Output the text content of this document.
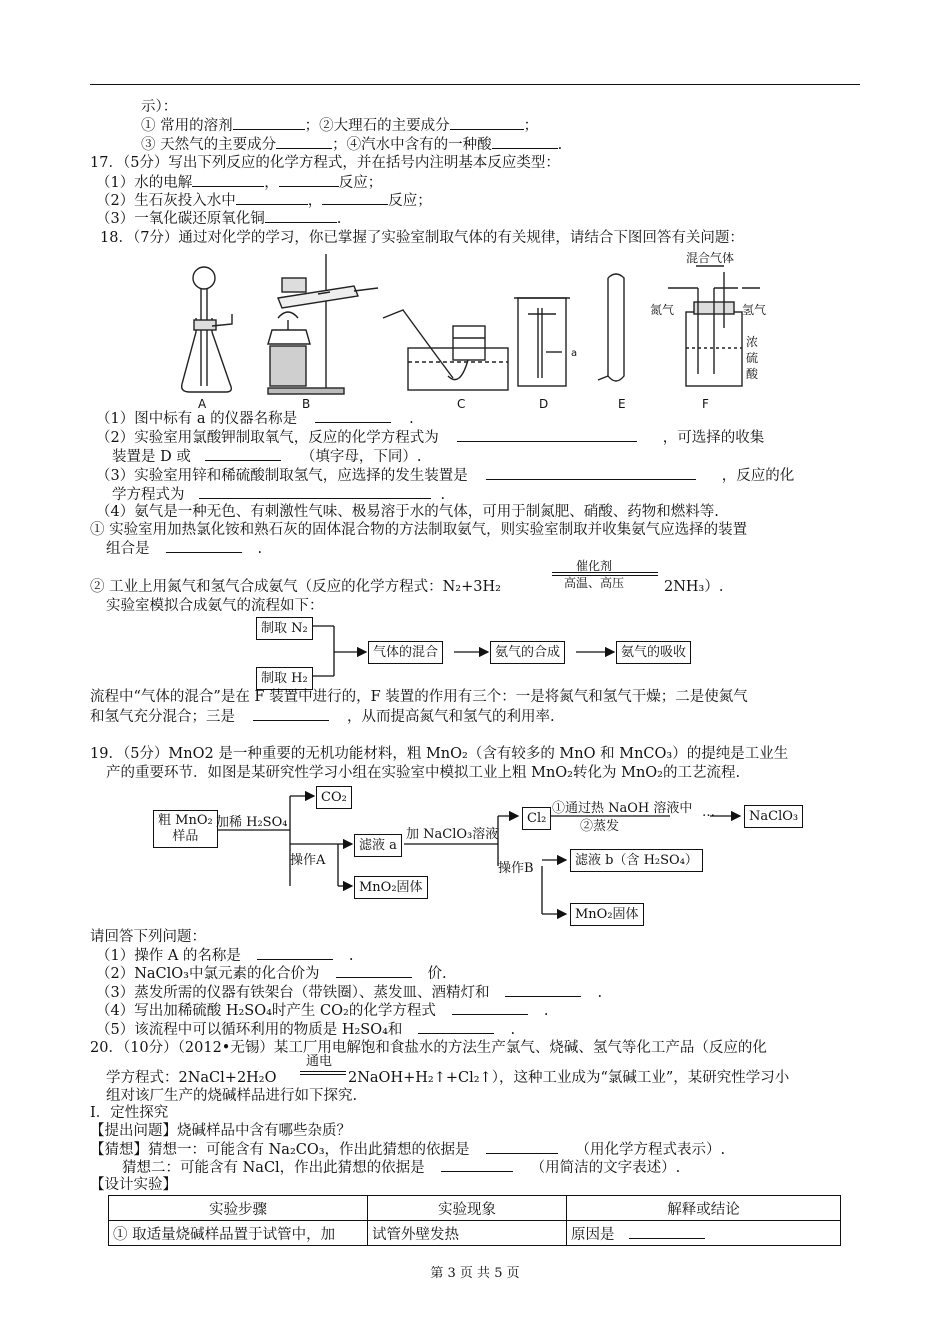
示）：
① 常用的溶剂	；②大理石的主要成分	；
③ 天然气的主要成分	；④汽水中含有的一种酸	.
17．（5分）写出下列反应的化学方程式，并在括号内注明基本反应类型：
（1）水的电解	，	反应；
（2）生石灰投入水中	，	反应；
（3）一氧化碳还原氧化铜	.
18．（7分）通过对化学的学习，你已掌握了实验室制取气体的有关规律，请结合下图回答有关问题：
A	B	C	D	E	F
a
混合气体
氮气	氢气
浓
硫
酸
（1）图中标有 a 的仪器名称是	.
（2）实验室用氯酸钾制取氧气，反应的化学方程式为	，可选择的收集
装置是 D 或	（填字母，下同）.
（3）实验室用锌和稀硫酸制取氢气，应选择的发生装置是	，反应的化
学方程式为	.
（4）氨气是一种无色、有刺激性气味、极易溶于水的气体，可用于制氮肥、硝酸、药物和燃料等.
① 实验室用加热氯化铵和熟石灰的固体混合物的方法制取氨气，则实验室制取并收集氨气应选择的装置
组合是	.
催化剂
高温、高压
② 工业上用氮气和氢气合成氨气（反应的化学方程式：N₂+3H₂	2NH₃）.
实验室模拟合成氨气的流程如下：
制取 N₂
制取 H₂
气体的混合	氨气的合成	氨气的吸收
流程中“气体的混合”是在 F 装置中进行的，F 装置的作用有三个：一是将氮气和氢气干燥；二是使氮气
和氢气充分混合；三是	，从而提高氮气和氢气的利用率.
19．（5分）MnO2 是一种重要的无机功能材料，粗 MnO₂（含有较多的 MnO 和 MnCO₃）的提纯是工业生
产的重要环节．如图是某研究性学习小组在实验室中模拟工业上粗 MnO₂转化为 MnO₂的工艺流程.
粗 MnO₂
样品
加稀 H₂SO₄
CO₂
操作A
滤液 a
加 NaClO₃溶液
MnO₂固体
Cl₂
①通过热 NaOH 溶液中
②蒸发
…	NaClO₃
操作B
滤液 b（含 H₂SO₄）
MnO₂固体
请回答下列问题：
（1）操作 A 的名称是	.
（2）NaClO₃中氯元素的化合价为	价.
（3）蒸发所需的仪器有铁架台（带铁圈）、蒸发皿、酒精灯和	.
（4）写出加稀硫酸 H₂SO₄时产生 CO₂的化学方程式	.
（5）该流程中可以循环利用的物质是 H₂SO₄和	.
20．（10分）（2012•无锡）某工厂用电解饱和食盐水的方法生产氯气、烧碱、氢气等化工产品（反应的化
通电
学方程式：2NaCl+2H₂O	2NaOH+H₂↑+Cl₂↑），这种工业成为“氯碱工业”，某研究性学习小
组对该厂生产的烧碱样品进行如下探究.
I．定性探究
【提出问题】烧碱样品中含有哪些杂质？
【猜想】猜想一：可能含有 Na₂CO₃，作出此猜想的依据是	（用化学方程式表示）.
猜想二：可能含有 NaCl，作出此猜想的依据是	（用简洁的文字表述）.
【设计实验】
实验步骤	实验现象	解释或结论
① 取适量烧碱样品置于试管中，加	试管外壁发热	原因是
第 3 页 共 5 页
